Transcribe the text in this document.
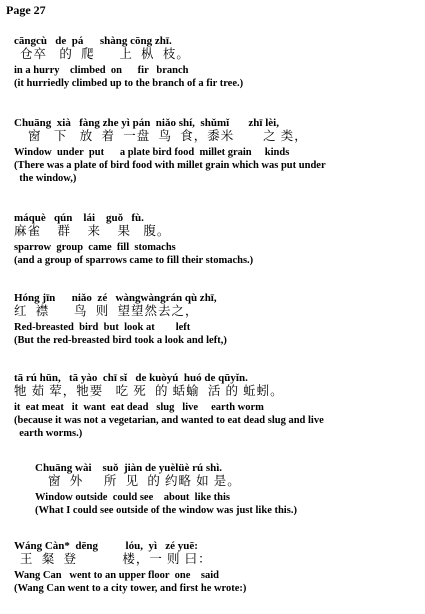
Page 27
cāngcù   de  pá      shàng cōng zhī.
仓卒   的  爬      上  枞  枝。
in a hurry    climbed  on      fir   branch
(it hurriedly climbed up to the branch of a fir tree.)
Chuāng  xià   fàng zhe yì pán  niǎo shí,  shǔmǐ       zhī lèi,
窗   下   放  着  一盘  鸟  食，黍米       之 类，
Window  under  put      a plate bird food  millet grain     kinds
(There was a plate of bird food with millet grain which was put under
the window,)
máquè   qún    lái    guǒ   fù.
麻雀    群    来    果   腹。
sparrow  group  came  fill  stomachs
(and a group of sparrows came to fill their stomachs.)
Hóng jīn      niǎo  zé   wàngwàngrán qù zhī,
红  襟      鸟  则  望望然去之，
Red-breasted  bird  but  look at        left
(But the red-breasted bird took a look and left,)
tā rú hūn,   tā yào  chī sǐ   de kuòyú  huó de qūyǐn.
牠 茹 荤，牠要   吃 死  的 蛞蝓  活 的 蚯蚓。
it  eat meat   it  want  eat dead   slug   live     earth worm
(because it was not a vegetarian, and wanted to eat dead slug and live
earth worms.)
Chuāng wài    suǒ  jiàn de yuèlüè rú shì.
窗  外     所  见  的 约略 如 是。
Window outside  could see    about  like this
(What I could see outside of the window was just like this.)
Wáng Càn*  dēng          lóu,  yì   zé yuē:
王  粲  登           楼，一 则 曰：
Wang Can   went to an upper floor  one    said
(Wang Can went to a city tower, and first he wrote:)
